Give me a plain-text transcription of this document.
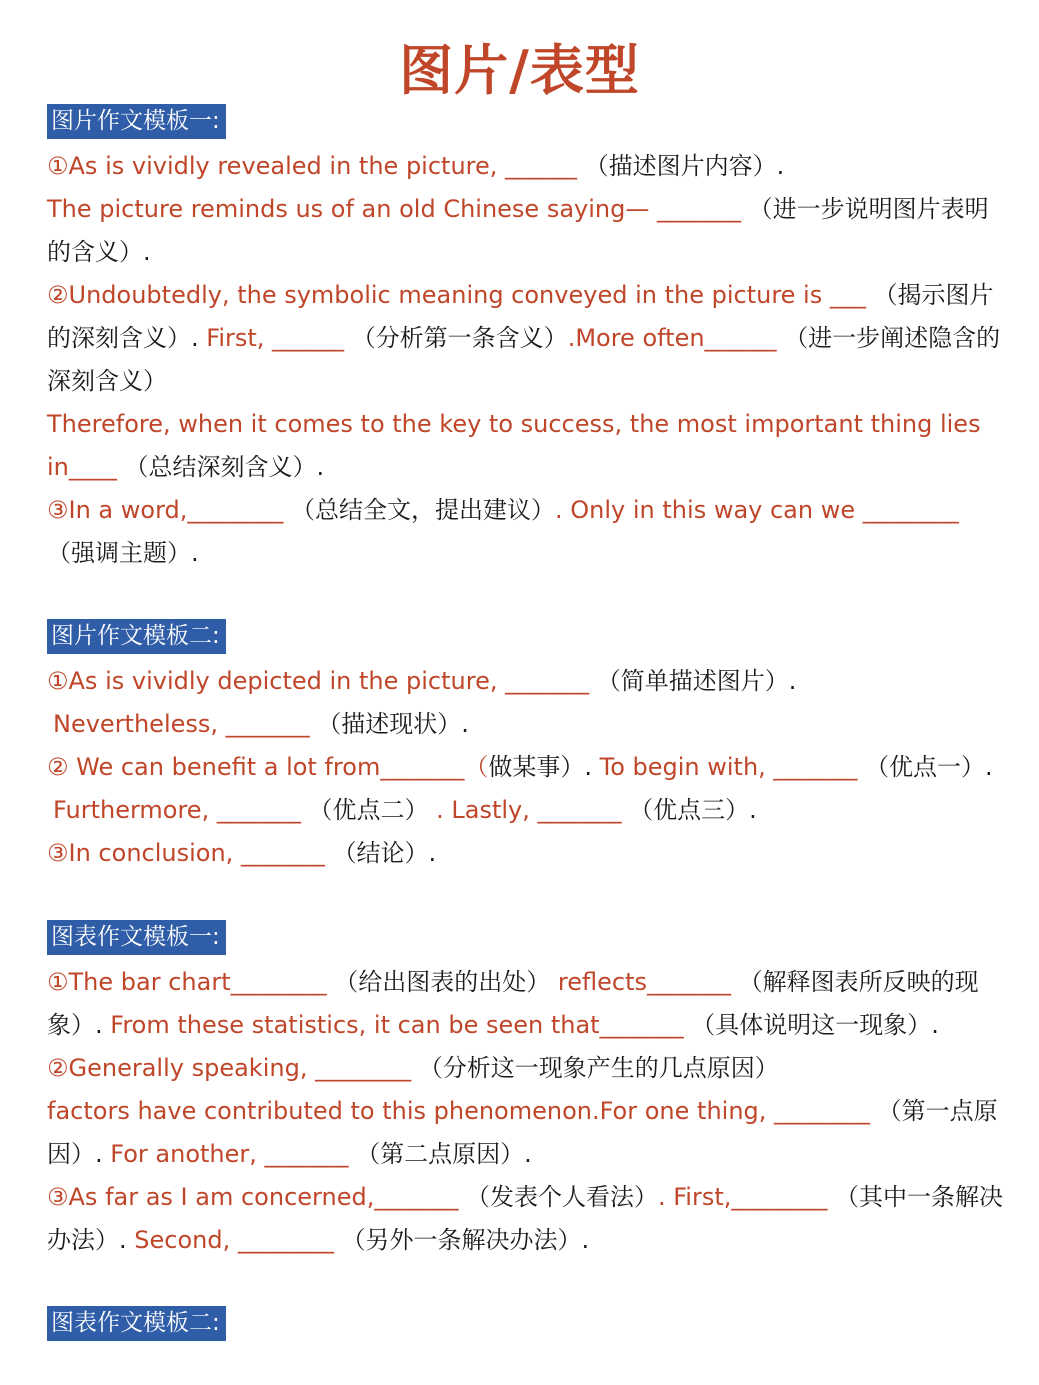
图片/表型
图片作文模板一:
①As is vividly revealed in the picture, ______ （描述图片内容）.
The picture reminds us of an old Chinese saying— _______ （进一步说明图片表明的含义）.
②Undoubtedly, the symbolic meaning conveyed in the picture is ___ （揭示图片的深刻含义）. First, ______ （分析第一条含义）.More often______ （进一步阐述隐含的深刻含义）
Therefore, when it comes to the key to success, the most important thing lies in____ （总结深刻含义）.
③In a word,________ （总结全文，提出建议）. Only in this way can we ________ （强调主题）.
图片作文模板二:
①As is vividly depicted in the picture, _______ （简单描述图片）.
Nevertheless, _______ （描述现状）.
② We can benefit a lot from_______（做某事）. To begin with, _______ （优点一）.
Furthermore, _______ （优点二） . Lastly, _______ （优点三）.
③In conclusion, _______ （结论）.
图表作文模板一:
①The bar chart________ （给出图表的出处） reflects_______ （解释图表所反映的现象）. From these statistics, it can be seen that_______ （具体说明这一现象）.
②Generally speaking, ________ （分析这一现象产生的几点原因）
factors have contributed to this phenomenon.For one thing, ________ （第一点原因）. For another, _______ （第二点原因）.
③As far as I am concerned,_______ （发表个人看法）. First,________ （其中一条解决办法）. Second, ________ （另外一条解决办法）.
图表作文模板二:
